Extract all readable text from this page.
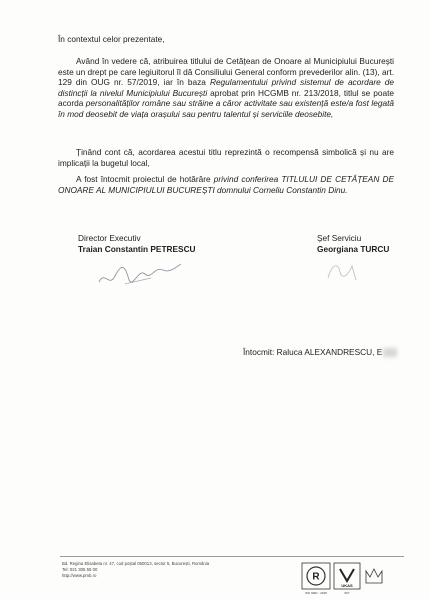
În contextul celor prezentate,

Având în vedere că, atribuirea titlului de Cetățean de Onoare al Municipiului București este un drept pe care legiuitorul îl dă Consiliului General conform prevederilor alin. (13), art. 129 din OUG nr. 57/2019, iar în baza Regulamentului privind sistemul de acordare de distincții la nivelul Municipiului București aprobat prin HCGMB nr. 213/2018, titlul se poate acorda personalităților române sau străine a căror activitate sau existență este/a fost legată în mod deosebit de viața orașului sau pentru talentul și serviciile deosebite,

Ținând cont că, acordarea acestui titlu reprezintă o recompensă simbolică și nu are implicații la bugetul local,

A fost întocmit proiectul de hotărâre privind conferirea TITLULUI DE CETĂȚEAN DE ONOARE AL MUNICIPIULUI BUCUREȘTI domnului Corneliu Constantin Dinu.

Director Executiv
Traian Constantin PETRESCU
Șef Serviciu
Georgiana TURCU
Întocmit: Raluca ALEXANDRESCU, E
Bd. Regina Elisabeta nr. 47, cod poștal 050013, sector 5, București, România
Tel: 021 305 55 00
http://www.pmb.ro	R
ISO 9001 : 2015
UKAS
067
